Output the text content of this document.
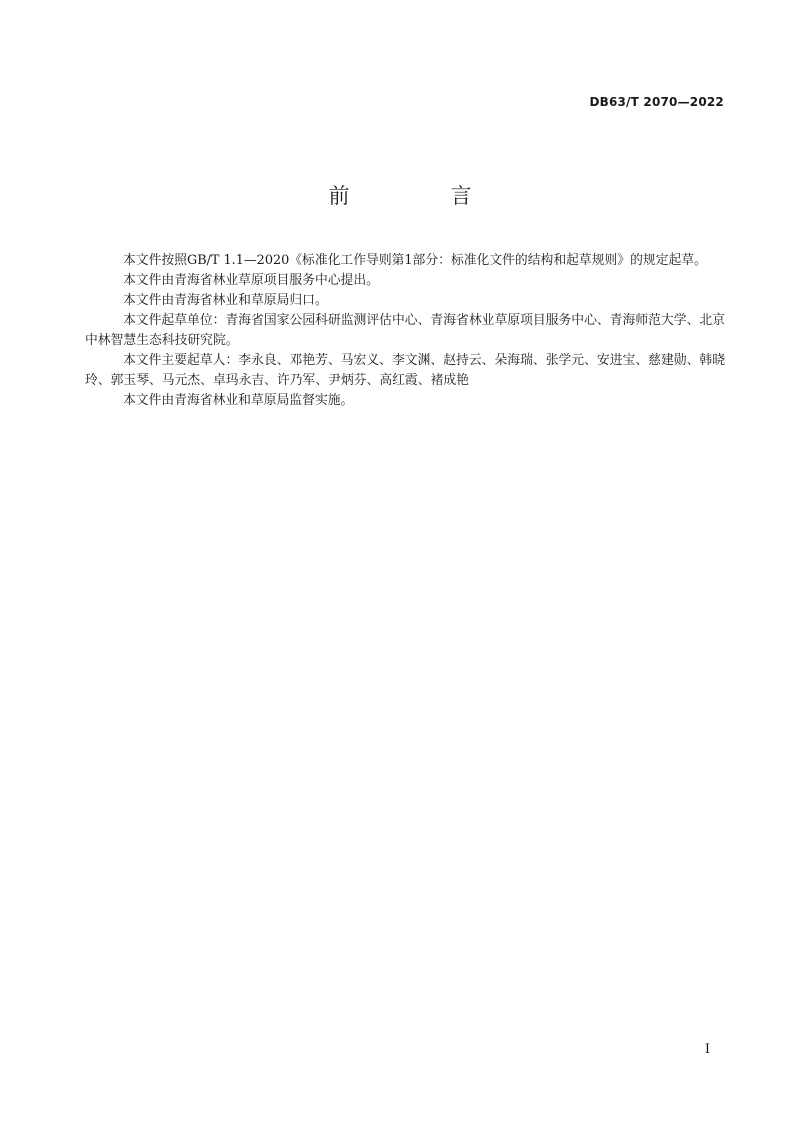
DB63/T 2070—2022
前　言

本文件按照GB/T 1.1—2020《标准化工作导则第1部分：标准化文件的结构和起草规则》的规定起草。

本文件由青海省林业草原项目服务中心提出。

本文件由青海省林业和草原局归口。

本文件起草单位：青海省国家公园科研监测评估中心、青海省林业草原项目服务中心、青海师范大学、北京中林智慧生态科技研究院。

本文件主要起草人：李永良、邓艳芳、马宏义、李文渊、赵持云、朵海瑞、张学元、安进宝、慈建勋、韩晓玲、郭玉琴、马元杰、卓玛永吉、许乃军、尹炳芬、高红霞、褚成艳

本文件由青海省林业和草原局监督实施。

I
